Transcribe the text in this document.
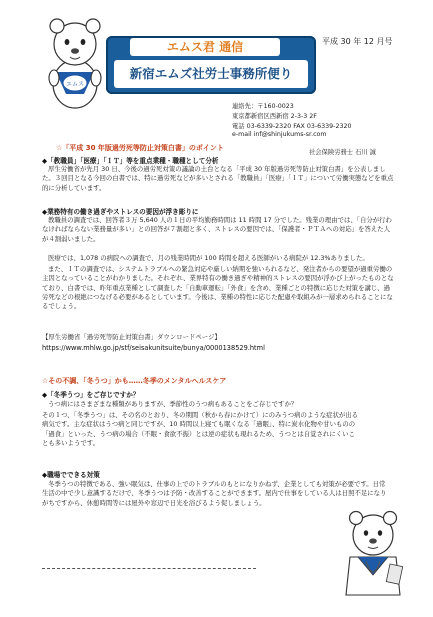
エムス
エムス君 通信
新宿エムズ社労士事務所便り
平成 30 年 12 月号
連絡先：〒160-0023
東京都新宿区西新宿 2-3-3 2F
電話 03-6339-2320 FAX 03-6339-2320
e-mail inf@shinjukums-sr.com
社会保険労務士 石川 誠
☆「平成 30 年版過労死等防止対策白書」のポイント
◆「教職員」「医療」「ＩＴ」等を重点業種・職種として分析
厚生労働省が先月 30 日、今後の過労死対策の議論の土台となる「平成 30 年版過労死等防止対策白書」を公表しました。３回目となる今回の白書では、特に過労死などが多いとされる「教職員」「医療」「ＩＴ」について労働実態などを重点的に分析しています。
◆業務特有の働き過ぎやストレスの要因が浮き彫りに
教職員の調査では、回答者３万 5,640 人の１日の平均勤務時間は 11 時間 17 分でした。残業の理由では、「自分が行わなければならない業務量が多い」との回答が７割超と多く、ストレスの要因では、「保護者・ＰＴＡへの対応」を答えた人が４割弱いました。
医療では、1,078 の病院への調査で、月の残業時間が 100 時間を超える医師がいる病院が 12.3%ありました。
また、ＩＴの調査では、システムトラブルへの緊急対応や厳しい納期を強いられるなど、発注者からの要望が過重労働の主因となっていることがわかりました。それぞれ、業界特有の働き過ぎや精神的ストレスの要因が浮かび上がったものとなており、白書では、昨年重点業種として調査した「自動車運転」「外食」を含め、業種ごとの特徴に応じた対策を講じ、過労死などの根絶につなげる必要があるとしています。今後は、業種の特性に応じた配慮や取組みが一層求められることになるでしょう。
【厚生労働省「過労死等防止対策白書」ダウンロードページ】
https://www.mhlw.go.jp/stf/seisakunitsuite/bunya/0000138529.html
☆その不調、「冬うつ」かも……冬季のメンタルヘルスケア
◆「冬季うつ」をご存じですか？
うつ病にはさまざまな種類がありますが、季節性のうつ病もあることをご存じですか？
その１つ、「冬季うつ」は、その名のとおり、冬の期間（秋から春にかけて）にのみうつ病のような症状が出る病気です。主な症状はうつ病と同じですが、10 時間以上寝ても眠くなる「過眠」、特に炭水化物や甘いものの「過食」といった、うつ病の場合（不眠・食欲不振）とは逆の症状も現れるため、うつとは自覚されにくいことも多いようです。
◆職場でできる対策
冬季うつの特徴である、強い眠気は、仕事の上でのトラブルのもとになりかねず、企業としても対策が必要です。日常生活の中で少し意識するだけで、冬季うつは予防・改善することができます。屋内で仕事をしている人は日照不足になりがちですから、休憩時間等には屋外や窓辺で日光を浴びるよう促しましょう。
